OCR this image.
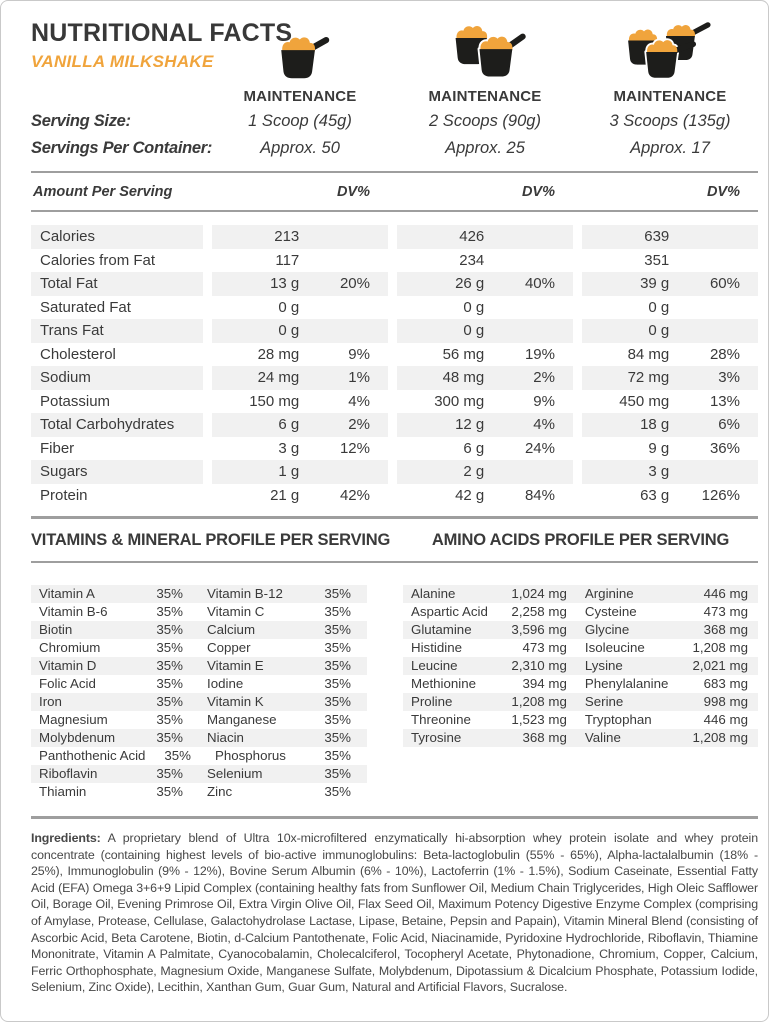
NUTRITIONAL FACTS
VANILLA MILKSHAKE
MAINTENANCE	MAINTENANCE	MAINTENANCE
Serving Size:	1 Scoop (45g)	2 Scoops (90g)	3 Scoops (135g)
Servings Per Container:	Approx. 50	Approx. 25	Approx. 17
Amount Per Serving	DV%	DV%	DV%
Calories	213	426	639
Calories from Fat	117	234	351
Total Fat	13 g	20%	26 g	40%	39 g	60%
Saturated Fat	0 g	0 g	0 g
Trans Fat	0 g	0 g	0 g
Cholesterol	28 mg	9%	56 mg	19%	84 mg	28%
Sodium	24 mg	1%	48 mg	2%	72 mg	3%
Potassium	150 mg	4%	300 mg	9%	450 mg	13%
Total Carbohydrates	6 g	2%	12 g	4%	18 g	6%
Fiber	3 g	12%	6 g	24%	9 g	36%
Sugars	1 g	2 g	3 g
Protein	21 g	42%	42 g	84%	63 g	126%
VITAMINS & MINERAL PROFILE PER SERVING	AMINO ACIDS PROFILE PER SERVING
Vitamin A	35%	Vitamin B-12	35%
Vitamin B-6	35%	Vitamin C	35%
Biotin	35%	Calcium	35%
Chromium	35%	Copper	35%
Vitamin D	35%	Vitamin E	35%
Folic Acid	35%	Iodine	35%
Iron	35%	Vitamin K	35%
Magnesium	35%	Manganese	35%
Molybdenum	35%	Niacin	35%
Panthothenic Acid	35%	Phosphorus	35%
Riboflavin	35%	Selenium	35%
Thiamin	35%	Zinc	35%
Alanine	1,024 mg	Arginine	446 mg
Aspartic Acid	2,258 mg	Cysteine	473 mg
Glutamine	3,596 mg	Glycine	368 mg
Histidine	473 mg	Isoleucine	1,208 mg
Leucine	2,310 mg	Lysine	2,021 mg
Methionine	394 mg	Phenylalanine	683 mg
Proline	1,208 mg	Serine	998 mg
Threonine	1,523 mg	Tryptophan	446 mg
Tyrosine	368 mg	Valine	1,208 mg

Ingredients: A proprietary blend of Ultra 10x-microfiltered enzymatically hi-absorption whey protein isolate and whey protein concentrate (containing highest levels of bio-active immunoglobulins: Beta-lactoglobulin (55% - 65%), Alpha-lactalalbumin (18% - 25%), Immunoglobulin (9% - 12%), Bovine Serum Albumin (6% - 10%), Lactoferrin (1% - 1.5%), Sodium Caseinate, Essential Fatty Acid (EFA) Omega 3+6+9 Lipid Complex (containing healthy fats from Sunflower Oil, Medium Chain Triglycerides, High Oleic Safflower Oil, Borage Oil, Evening Primrose Oil, Extra Virgin Olive Oil, Flax Seed Oil, Maximum Potency Digestive Enzyme Complex (comprising of Amylase, Protease, Cellulase, Galactohydrolase Lactase, Lipase, Betaine, Pepsin and Papain), Vitamin Mineral Blend (consisting of Ascorbic Acid, Beta Carotene, Biotin, d-Calcium Pantothenate, Folic Acid, Niacinamide, Pyridoxine Hydrochloride, Riboflavin, Thiamine Mononitrate, Vitamin A Palmitate, Cyanocobalamin, Cholecalciferol, Tocopheryl Acetate, Phytonadione, Chromium, Copper, Calcium, Ferric Orthophosphate, Magnesium Oxide, Manganese Sulfate, Molybdenum, Dipotassium & Dicalcium Phosphate, Potassium Iodide, Selenium, Zinc Oxide), Lecithin, Xanthan Gum, Guar Gum, Natural and Artificial Flavors, Sucralose.
